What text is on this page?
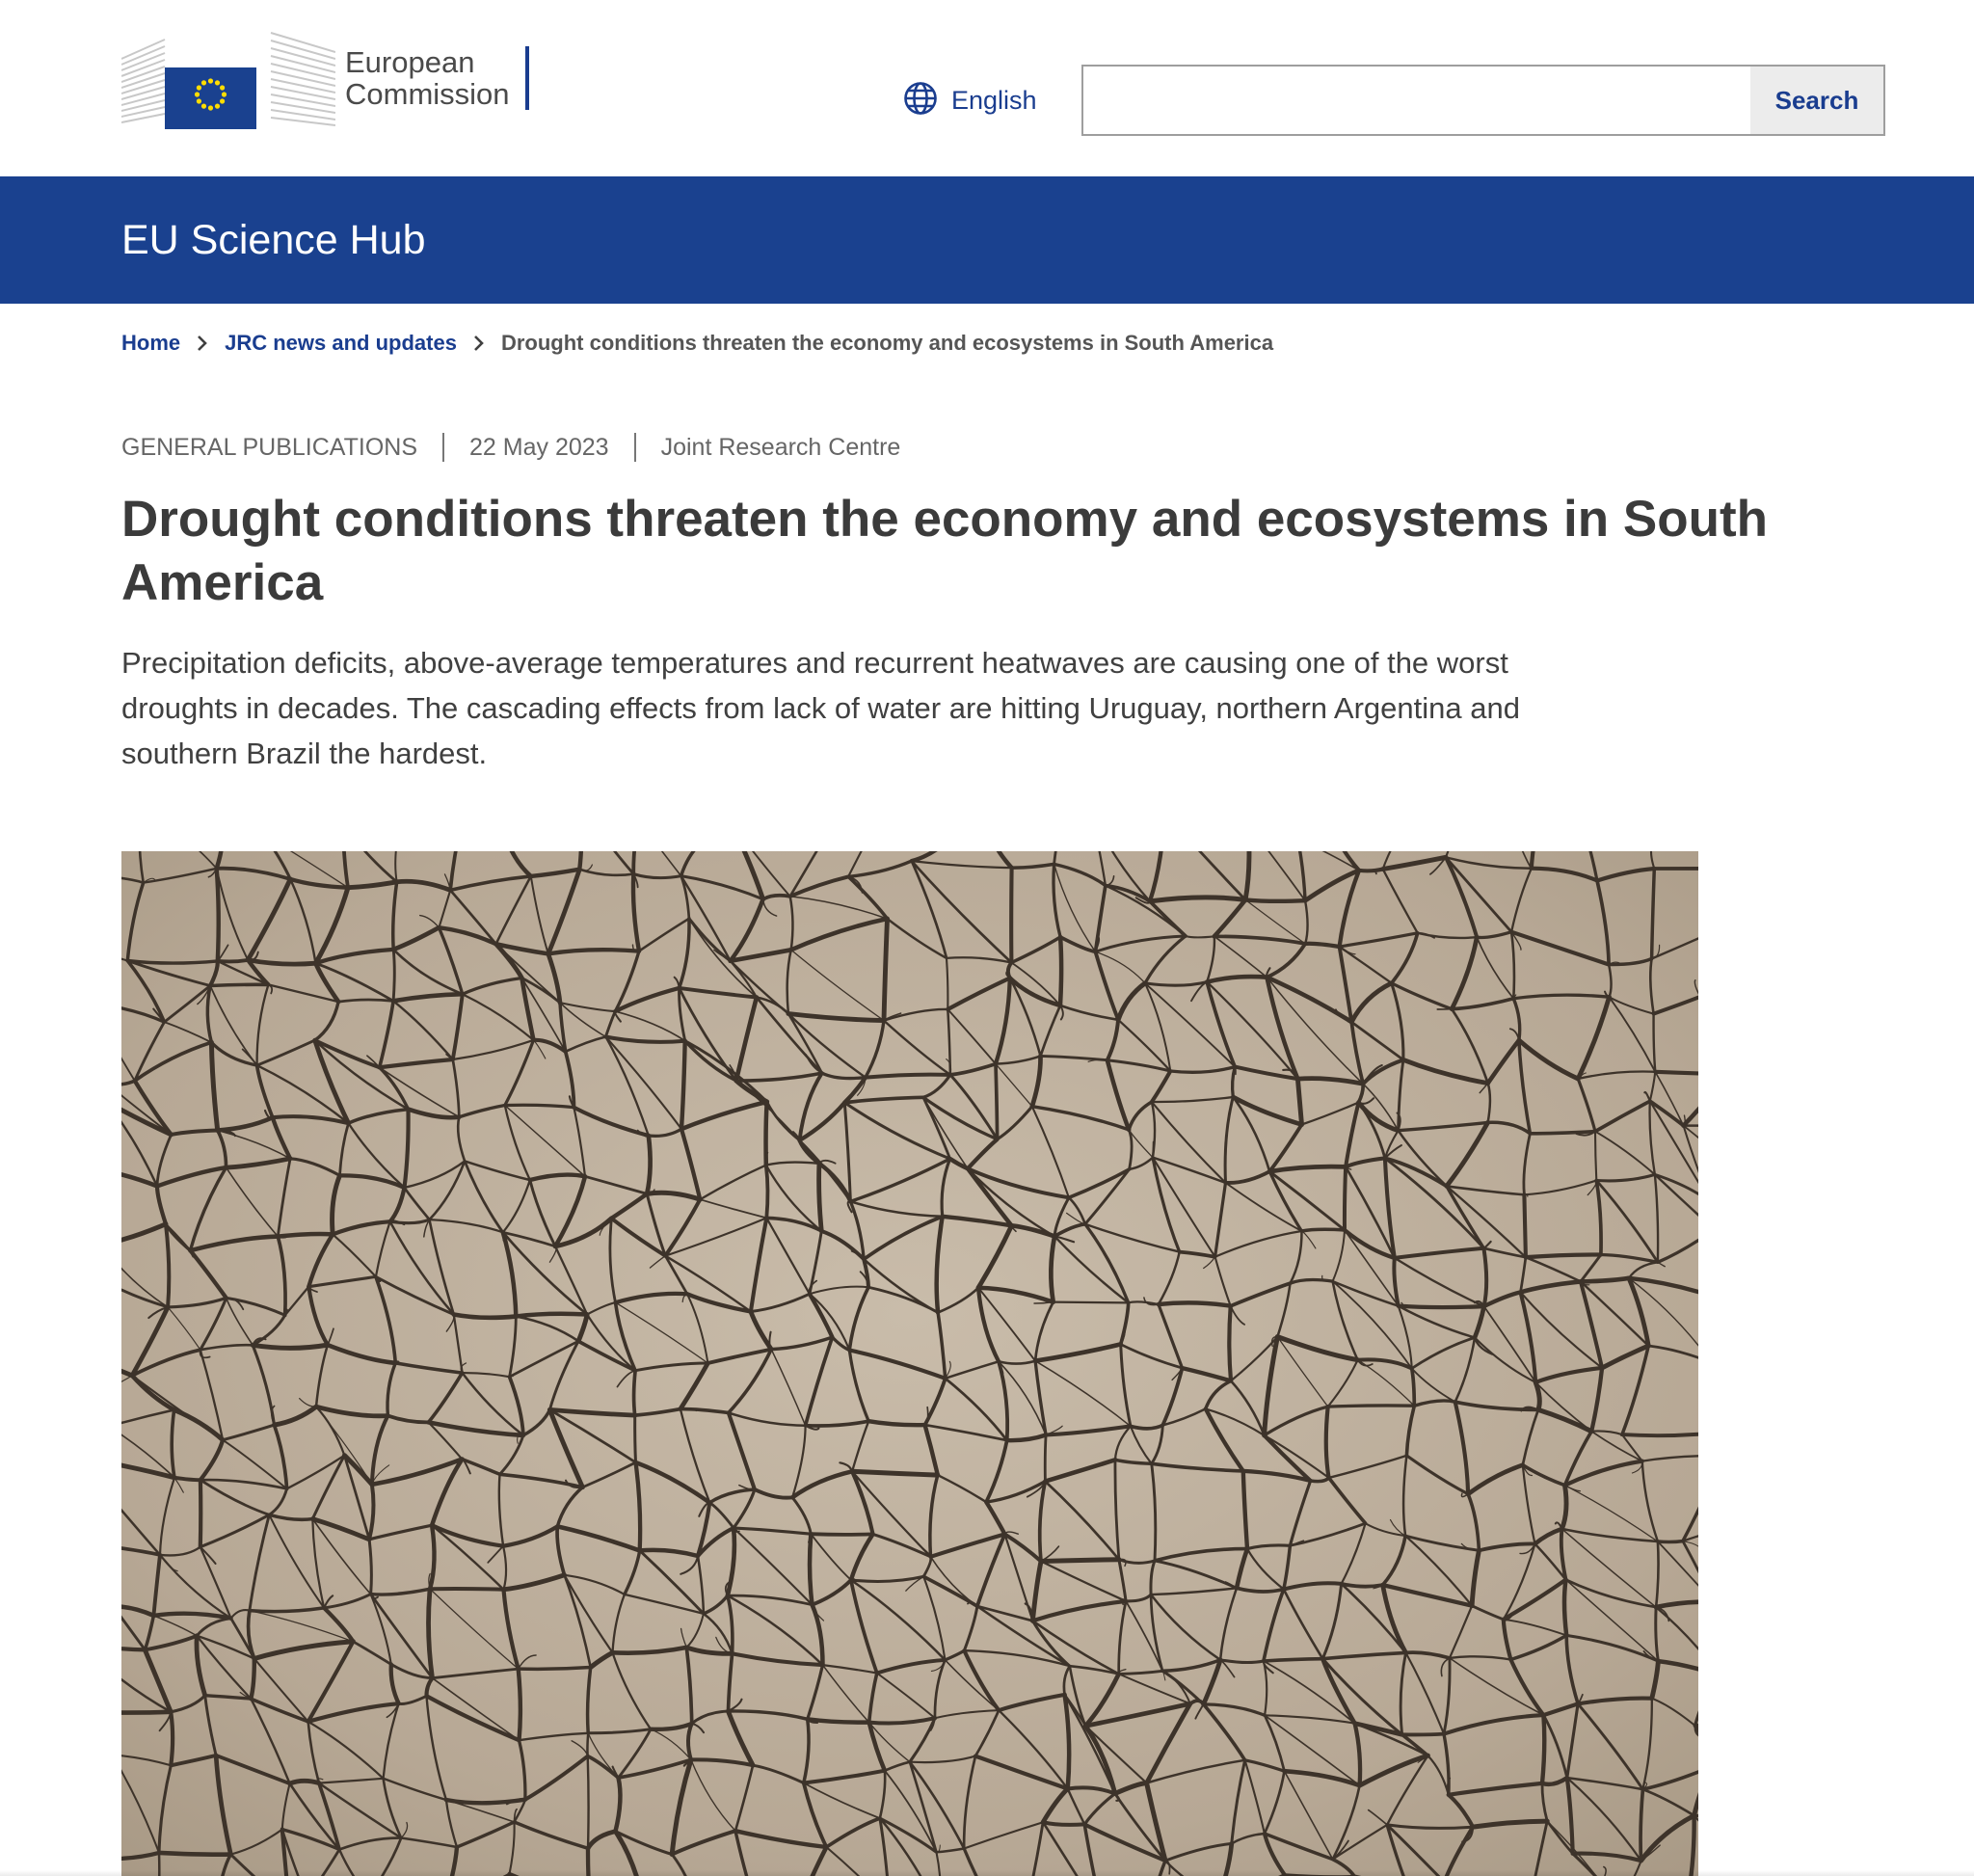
European
Commission	English	Search
EU Science Hub
Home JRC news and updates Drought conditions threaten the economy and ecosystems in South America
GENERAL PUBLICATIONS 22 May 2023 Joint Research Centre
Drought conditions threaten the economy and ecosystems in South America

Precipitation deficits, above-average temperatures and recurrent heatwaves are causing one of the worst droughts in decades. The cascading effects from lack of water are hitting Uruguay, northern Argentina and southern Brazil the hardest.
